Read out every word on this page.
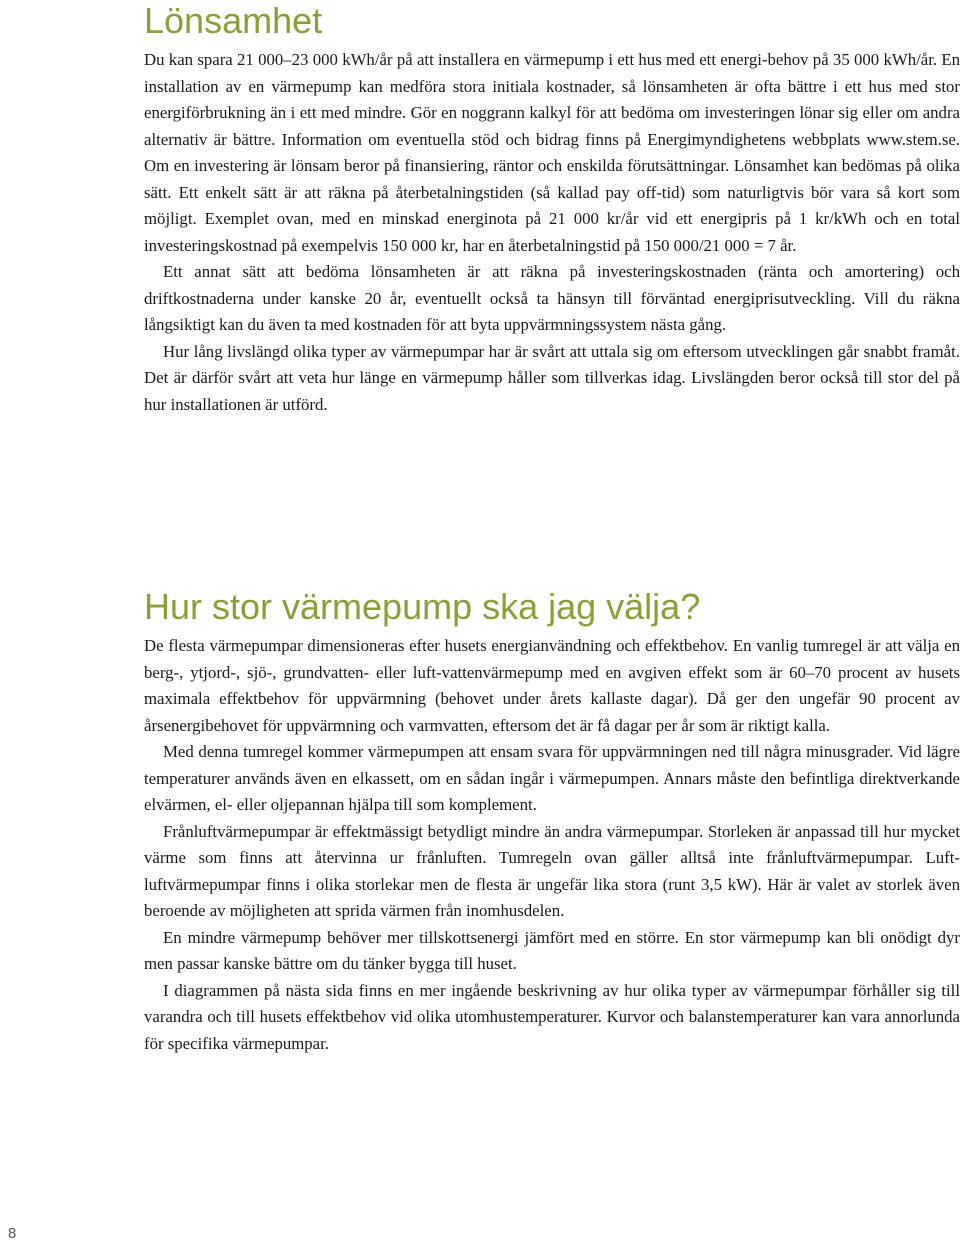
Lönsamhet

Du kan spara 21 000–23 000 kWh/år på att installera en värmepump i ett hus med ett energi-behov på 35 000 kWh/år. En installation av en värmepump kan medföra stora initiala kostnader, så lönsamheten är ofta bättre i ett hus med stor energiförbrukning än i ett med mindre. Gör en noggrann kalkyl för att bedöma om investeringen lönar sig eller om andra alternativ är bättre. Information om eventuella stöd och bidrag finns på Energimyndighetens webbplats www.stem.se. Om en investering är lönsam beror på finansiering, räntor och enskilda förutsättningar. Lönsamhet kan bedömas på olika sätt. Ett enkelt sätt är att räkna på återbetalningstiden (så kallad pay off-tid) som naturligtvis bör vara så kort som möjligt. Exemplet ovan, med en minskad energinota på 21 000 kr/år vid ett energipris på 1 kr/kWh och en total investeringskostnad på exempelvis 150 000 kr, har en återbetalningstid på 150 000/21 000 = 7 år.

Ett annat sätt att bedöma lönsamheten är att räkna på investeringskostnaden (ränta och amortering) och driftkostnaderna under kanske 20 år, eventuellt också ta hänsyn till förväntad energiprisutveckling. Vill du räkna långsiktigt kan du även ta med kostnaden för att byta uppvärmningssystem nästa gång.

Hur lång livslängd olika typer av värmepumpar har är svårt att uttala sig om eftersom utvecklingen går snabbt framåt. Det är därför svårt att veta hur länge en värmepump håller som tillverkas idag. Livslängden beror också till stor del på hur installationen är utförd.

Hur stor värmepump ska jag välja?

De flesta värmepumpar dimensioneras efter husets energianvändning och effektbehov. En vanlig tumregel är att välja en berg-, ytjord-, sjö-, grundvatten- eller luft-vattenvärmepump med en avgiven effekt som är 60–70 procent av husets maximala effektbehov för uppvärmning (behovet under årets kallaste dagar). Då ger den ungefär 90 procent av årsenergibehovet för uppvärmning och varmvatten, eftersom det är få dagar per år som är riktigt kalla.

Med denna tumregel kommer värmepumpen att ensam svara för uppvärmningen ned till några minusgrader. Vid lägre temperaturer används även en elkassett, om en sådan ingår i värmepumpen. Annars måste den befintliga direktverkande elvärmen, el- eller oljepannan hjälpa till som komplement.

Frånluftvärmepumpar är effektmässigt betydligt mindre än andra värmepumpar. Storleken är anpassad till hur mycket värme som finns att återvinna ur frånluften. Tumregeln ovan gäller alltså inte frånluftvärmepumpar. Luft-luftvärmepumpar finns i olika storlekar men de flesta är ungefär lika stora (runt 3,5 kW). Här är valet av storlek även beroende av möjligheten att sprida värmen från inomhusdelen.

En mindre värmepump behöver mer tillskottsenergi jämfört med en större. En stor värmepump kan bli onödigt dyr men passar kanske bättre om du tänker bygga till huset.

I diagrammen på nästa sida finns en mer ingående beskrivning av hur olika typer av värmepumpar förhåller sig till varandra och till husets effektbehov vid olika utomhustemperaturer. Kurvor och balanstemperaturer kan vara annorlunda för specifika värmepumpar.

8
